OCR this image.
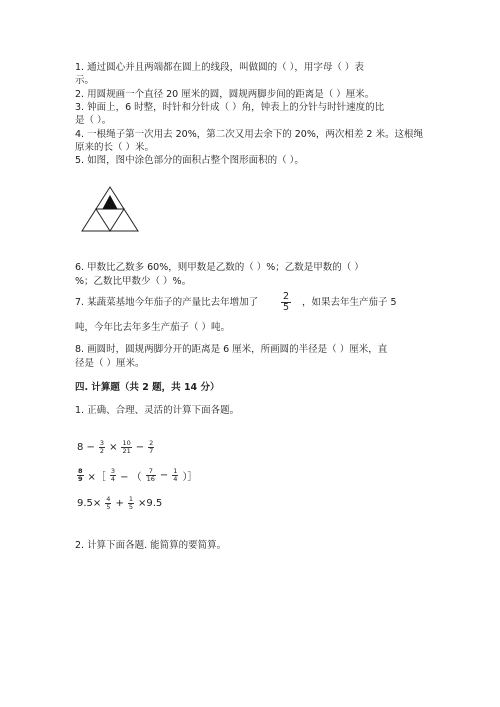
1. 通过圆心并且两端都在圆上的线段，叫做圆的（ ），用字母（ ）表
示。
2. 用圆规画一个直径 20 厘米的圆，圆规两脚步间的距离是（ ）厘米。
3. 钟面上，6 时整，时针和分针成（ ）角，钟表上的分针与时针速度的比
是（ ）。
4. 一根绳子第一次用去 20%，第二次又用去余下的 20%，两次相差 2 米。这根绳
原来的长（ ）米。
5. 如图，图中涂色部分的面积占整个图形面积的（ ）。
6. 甲数比乙数多 60%，则甲数是乙数的（ ）%；乙数是甲数的（ ）
%；乙数比甲数少（ ）%。
7. 某蔬菜基地今年茄子的产量比去年增加了 $\frac{2}{5}$ ，如果去年生产茄子 5
吨，今年比去年多生产茄子（ ）吨。
8. 画圆时，圆规两脚分开的距离是 6 厘米，所画圆的半径是（ ）厘米，直
径是（ ）厘米。
四. 计算题（共 2 题，共 14 分）
1. 正确、合理、灵活的计算下面各题。
$8 - \frac{3}{2} \times \frac{10}{21} - \frac{2}{7}$
$\frac{8}{9}$ ×［ $\frac{3}{4}$ − （ $\frac{7}{16} - \frac{1}{4}$ ）］
$9.5\times \frac{4}{5} + \frac{1}{5} \times 9.5$
2. 计算下面各题. 能简算的要简算。
